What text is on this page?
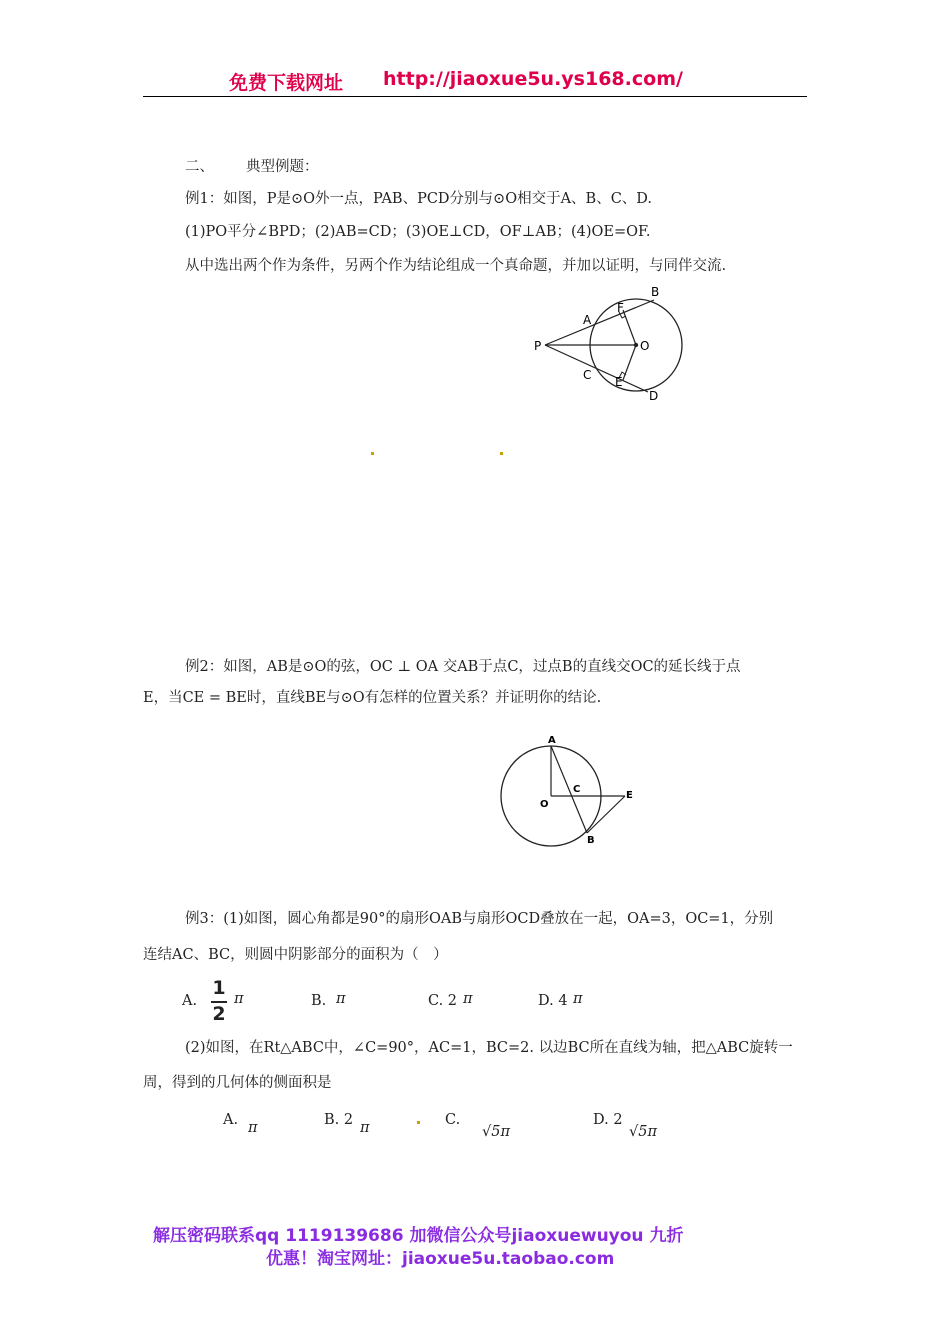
免费下载网址 http://jiaoxue5u.ys168.com/
二、 典型例题：
例1：如图，P是⊙O外一点，PAB、PCD分别与⊙O相交于A、B、C、D.
(1)PO平分∠BPD；(2)AB=CD；(3)OE⊥CD，OF⊥AB；(4)OE=OF.
从中选出两个作为条件，另两个作为结论组成一个真命题，并加以证明，与同伴交流.
P
A
B
C
D
E
F
O
例2：如图，AB是⊙O的弦，OC ⊥ OA 交AB于点C，过点B的直线交OC的延长线于点
E，当CE = BE时，直线BE与⊙O有怎样的位置关系？并证明你的结论.
A
O
C
E
B
例3：(1)如图，圆心角都是90°的扇形OAB与扇形OCD叠放在一起，OA=3，OC=1，分别
连结AC、BC，则圆中阴影部分的面积为（　）
A.
1
2
π	B. π	C. 2 π	D. 4 π
(2)如图，在Rt△ABC中，∠C=90°，AC=1，BC=2. 以边BC所在直线为轴，把△ABC旋转一
周，得到的几何体的侧面积是
A. π	B. 2 π	C.
√5π
D. 2
√5π
解压密码联系qq 1119139686 加微信公众号jiaoxuewuyou 九折
优惠！淘宝网址：jiaoxue5u.taobao.com
